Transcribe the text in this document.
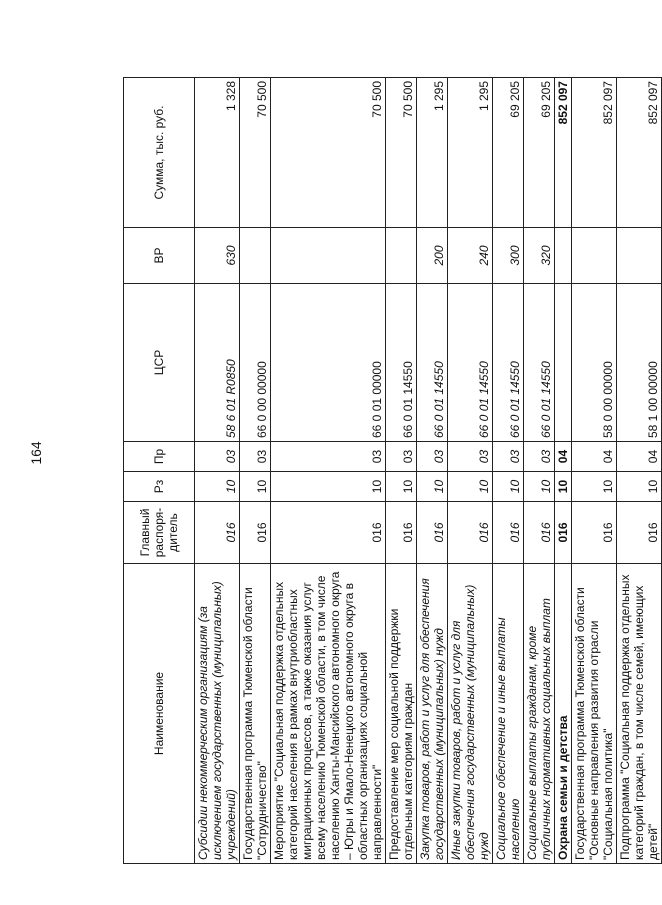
164
Наименование	Главный распоря-дитель	Рз	Пр	ЦСР	ВР	Сумма, тыс. руб.
Субсидии некоммерческим организациям (за исключением государственных (муниципальных) учреждений)	016	10	03	58 6 01 R0850	630	1 328
Государственная программа Тюменской области "Сотрудничество"	016	10	03	66 0 00 00000		70 500
Мероприятие "Социальная поддержка отдельных категорий населения в рамках внутриобластных миграционных процессов, а также оказания услуг всему населению Тюменской области, в том числе населению Ханты-Мансийского автономного округа – Югры и Ямало-Ненецкого автономного округа в областных организациях социальной направленности"	016	10	03	66 0 01 00000		70 500
Предоставление мер социальной поддержки отдельным категориям граждан	016	10	03	66 0 01 14550		70 500
Закупка товаров, работ и услуг для обеспечения государственных (муниципальных) нужд	016	10	03	66 0 01 14550	200	1 295
Иные закупки товаров, работ и услуг для обеспечения государственных (муниципальных) нужд	016	10	03	66 0 01 14550	240	1 295
Социальное обеспечение и иные выплаты населению	016	10	03	66 0 01 14550	300	69 205
Социальные выплаты гражданам, кроме публичных нормативных социальных выплат	016	10	03	66 0 01 14550	320	69 205
Охрана семьи и детства	016	10	04			852 097
Государственная программа Тюменской области "Основные направления развития отрасли "Социальная политика"	016	10	04	58 0 00 00000		852 097
Подпрограмма "Социальная поддержка отдельных категорий граждан, в том числе семей, имеющих детей"	016	10	04	58 1 00 00000		852 097
